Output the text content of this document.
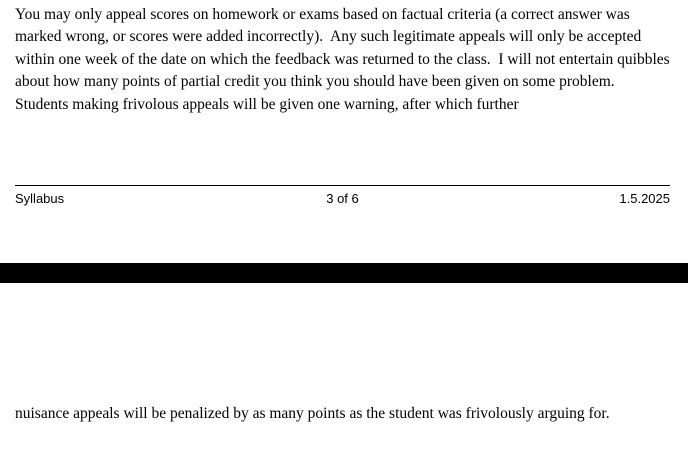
You may only appeal scores on homework or exams based on factual criteria (a correct answer was marked wrong, or scores were added incorrectly).  Any such legitimate appeals will only be accepted within one week of the date on which the feedback was returned to the class.  I will not entertain quibbles about how many points of partial credit you think you should have been given on some problem.  Students making frivolous appeals will be given one warning, after which further
3 of 6
Syllabus	1.5.2025
nuisance appeals will be penalized by as many points as the student was frivolously arguing for.
